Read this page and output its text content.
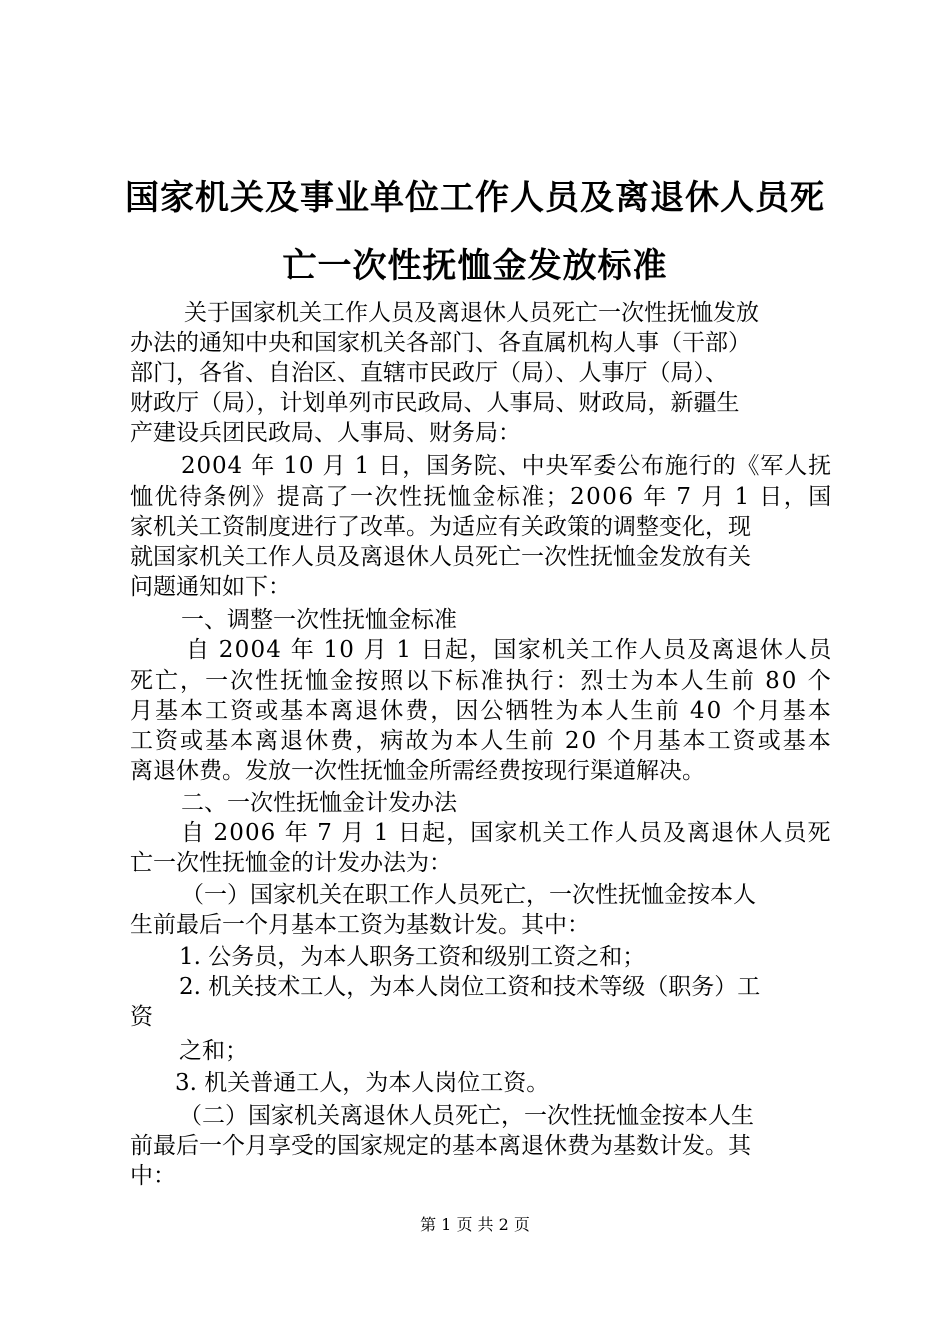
国家机关及事业单位工作人员及离退休人员死
亡一次性抚恤金发放标准
关于国家机关工作人员及离退休人员死亡一次性抚恤发放
办法的通知中央和国家机关各部门、各直属机构人事（干部）
部门，各省、自治区、直辖市民政厅（局）、人事厅（局）、
财政厅（局），计划单列市民政局、人事局、财政局，新疆生
产建设兵团民政局、人事局、财务局：
2004 年 10 月 1 日，国务院、中央军委公布施行的《军人抚
恤优待条例》提高了一次性抚恤金标准；2006 年 7 月 1 日，国
家机关工资制度进行了改革。为适应有关政策的调整变化，现
就国家机关工作人员及离退休人员死亡一次性抚恤金发放有关
问题通知如下：
一、调整一次性抚恤金标准
自 2004 年 10 月 1 日起，国家机关工作人员及离退休人员
死亡，一次性抚恤金按照以下标准执行：烈士为本人生前 80 个
月基本工资或基本离退休费，因公牺牲为本人生前 40 个月基本
工资或基本离退休费，病故为本人生前 20 个月基本工资或基本
离退休费。发放一次性抚恤金所需经费按现行渠道解决。
二、一次性抚恤金计发办法
自 2006 年 7 月 1 日起，国家机关工作人员及离退休人员死
亡一次性抚恤金的计发办法为：
（一）国家机关在职工作人员死亡，一次性抚恤金按本人
生前最后一个月基本工资为基数计发。其中：
1. 公务员，为本人职务工资和级别工资之和；
2. 机关技术工人，为本人岗位工资和技术等级（职务）工
资
之和；
3. 机关普通工人，为本人岗位工资。
（二）国家机关离退休人员死亡，一次性抚恤金按本人生
前最后一个月享受的国家规定的基本离退休费为基数计发。其
中：
第 1 页 共 2 页
